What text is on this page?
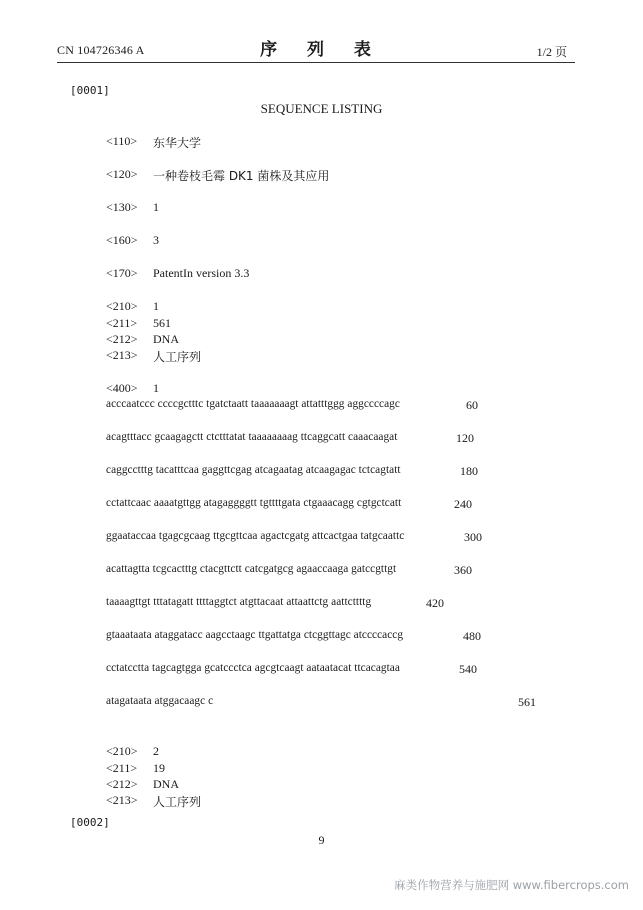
CN 104726346 A	序 列 表	1/2 页
[0001]
SEQUENCE LISTING
<110> 东华大学
<120> 一种卷枝毛霉 DK1 菌株及其应用
<130> 1
<160> 3
<170> PatentIn version 3.3
<210> 1
<211> 561
<212> DNA
<213> 人工序列
<400> 1
acccaatccc ccccgctttc tgatctaatt taaaaaaagt attatttggg aggccccagc	60
acagtttacc gcaagagctt ctctttatat taaaaaaaag ttcaggcatt caaacaagat	120
caggcctttg tacatttcaa gaggttcgag atcagaatag atcaagagac tctcagtatt	180
cctattcaac aaaatgttgg atagaggggtt tgttttgata ctgaaacagg cgtgctcatt	240
ggaataccaa tgagcgcaag ttgcgttcaa agactcgatg attcactgaa tatgcaattc	300
acattagtta tcgcactttg ctacgttctt catcgatgcg agaaccaaga gatccgttgt	360
taaaagttgt tttatagatt ttttaggtct atgttacaat attaattctg aattcttttg	420
gtaaataata ataggatacc aagcctaagc ttgattatga ctcggttagc atccccaccg	480
cctatcctta tagcagtgga gcatccctca agcgtcaagt aataatacat ttcacagtaa	540
atagataata atggacaagc c	561
<210> 2
<211> 19
<212> DNA
<213> 人工序列
[0002]
9
麻类作物营养与施肥网 www.fibercrops.com
